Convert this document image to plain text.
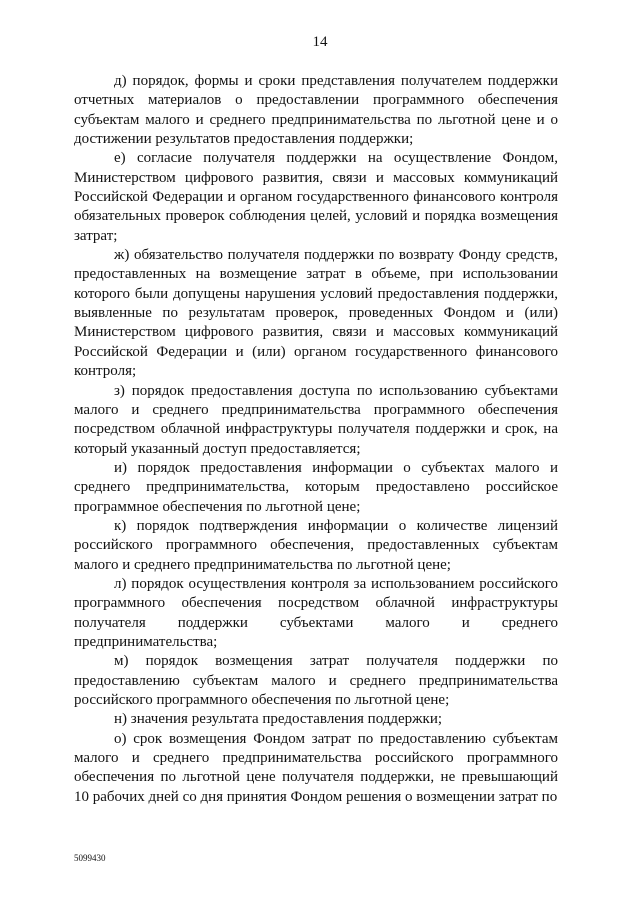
14

д) порядок, формы и сроки представления получателем поддержки отчетных материалов о предоставлении программного обеспечения субъектам малого и среднего предпринимательства по льготной цене и о достижении результатов предоставления поддержки;

е) согласие получателя поддержки на осуществление Фондом, Министерством цифрового развития, связи и массовых коммуникаций Российской Федерации и органом государственного финансового контроля обязательных проверок соблюдения целей, условий и порядка возмещения затрат;

ж) обязательство получателя поддержки по возврату Фонду средств, предоставленных на возмещение затрат в объеме, при использовании которого были допущены нарушения условий предоставления поддержки, выявленные по результатам проверок, проведенных Фондом и (или) Министерством цифрового развития, связи и массовых коммуникаций Российской Федерации и (или) органом государственного финансового контроля;

з) порядок предоставления доступа по использованию субъектами малого и среднего предпринимательства программного обеспечения посредством облачной инфраструктуры получателя поддержки и срок, на который указанный доступ предоставляется;

и) порядок предоставления информации о субъектах малого и среднего предпринимательства, которым предоставлено российское программное обеспечения по льготной цене;

к) порядок подтверждения информации о количестве лицензий российского программного обеспечения, предоставленных субъектам малого и среднего предпринимательства по льготной цене;

л) порядок осуществления контроля за использованием российского программного обеспечения посредством облачной инфраструктуры получателя поддержки субъектами малого и среднего предпринимательства;

м) порядок возмещения затрат получателя поддержки по предоставлению субъектам малого и среднего предпринимательства российского программного обеспечения по льготной цене;

н) значения результата предоставления поддержки;

о) срок возмещения Фондом затрат по предоставлению субъектам малого и среднего предпринимательства российского программного обеспечения по льготной цене получателя поддержки, не превышающий 10 рабочих дней со дня принятия Фондом решения о возмещении затрат по

5099430
